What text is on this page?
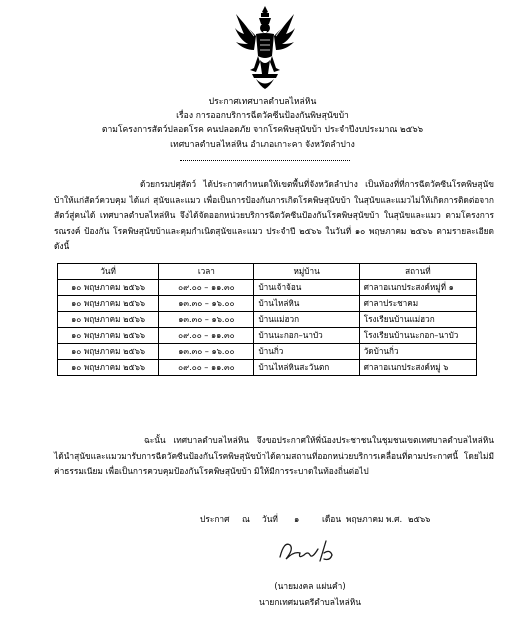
ประกาศเทศบาลตำบลไหล่หิน
เรื่อง การออกบริการฉีดวัคซีนป้องกันพิษสุนัขบ้า
ตามโครงการสัตว์ปลอดโรค คนปลอดภัย จากโรคพิษสุนัขบ้า ประจำปีงบประมาณ ๒๕๖๖
เทศบาลตำบลไหล่หิน อำเภอเกาะคา จังหวัดลำปาง
ด้วยกรมปศุสัตว์ ได้ประกาศกำหนดให้เขตพื้นที่จังหวัดลำปาง เป็นท้องที่ที่การฉีดวัคซีนโรคพิษสุนัขบ้าให้แก่สัตว์ควบคุม ได้แก่ สุนัขและแมว เพื่อเป็นการป้องกันการเกิดโรคพิษสุนัขบ้า ในสุนัขและแมวไม่ให้เกิดการติดต่อจากสัตว์สู่คนได้ เทศบาลตำบลไหล่หิน จึงได้จัดออกหน่วยบริการฉีดวัคซีนป้องกันโรคพิษสุนัขบ้า ในสุนัขและแมว ตามโครงการรณรงค์ ป้องกัน โรคพิษสุนัขบ้าและคุมกำเนิดสุนัขและแมว ประจำปี ๒๕๖๖ ในวันที่ ๑๐ พฤษภาคม ๒๕๖๖ ตามรายละเอียดดังนี้
วันที่	เวลา	หมู่บ้าน	สถานที่
๑๐ พฤษภาคม ๒๕๖๖	๐๙.๐๐ – ๑๑.๓๐	บ้านเจ้าจ้อน	ศาลาอเนกประสงค์หมู่ที่ ๑
๑๐ พฤษภาคม ๒๕๖๖	๑๓.๓๐ – ๑๖.๐๐	บ้านไหล่หิน	ศาลาประชาคม
๑๐ พฤษภาคม ๒๕๖๖	๑๓.๓๐ – ๑๖.๐๐	บ้านแม่ฮวก	โรงเรียนบ้านแม่ฮวก
๑๐ พฤษภาคม ๒๕๖๖	๐๙.๐๐ – ๑๑.๓๐	บ้านนะกอก–นาบัว	โรงเรียนบ้านนะกอก–นาบัว
๑๐ พฤษภาคม ๒๕๖๖	๑๓.๓๐ – ๑๖.๐๐	บ้านกิ่ว	วัดบ้านกิ่ว
๑๐ พฤษภาคม ๒๕๖๖	๐๙.๐๐ – ๑๑.๓๐	บ้านไหล่หินสะวันตก	ศาลาอเนกประสงค์หมู่ ๖
ฉะนั้น เทศบาลตำบลไหล่หิน จึงขอประกาศให้พี่น้องประชาชนในชุมชนเขตเทศบาลตำบลไหล่หิน ได้นำสุนัขและแมวมารับการฉีดวัคซีนป้องกันโรคพิษสุนัขบ้าได้ตามสถานที่ออกหน่วยบริการเคลื่อนที่ตามประกาศนี้ โดยไม่มีค่าธรรมเนียม เพื่อเป็นการควบคุมป้องกันโรคพิษสุนัขบ้า มิให้มีการระบาดในท้องถิ่นต่อไป
ประกาศ ณ วันที่ ๑	เดือน พฤษภาคม พ.ศ. ๒๕๖๖
(นายมงคล แผ่นคำ)
นายกเทศมนตรีตำบลไหล่หิน
